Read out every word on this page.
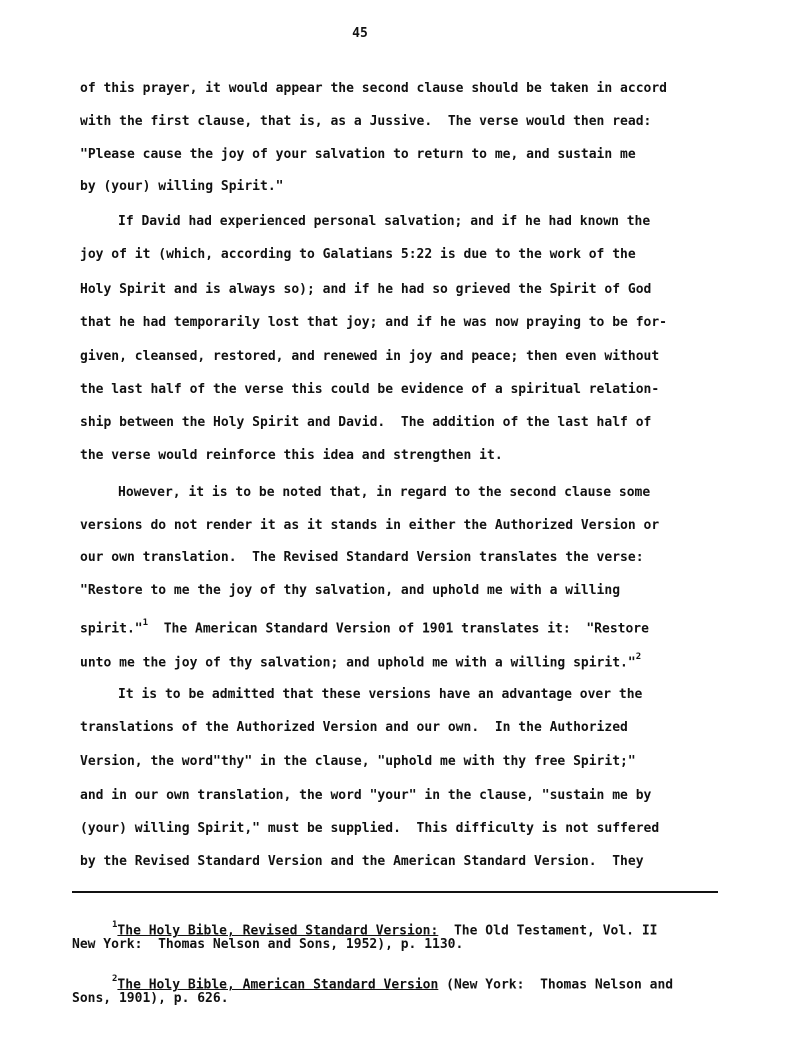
45

of this prayer, it would appear the second clause should be taken in accord

with the first clause, that is, as a Jussive.  The verse would then read:

"Please cause the joy of your salvation to return to me, and sustain me

by (your) willing Spirit."

If David had experienced personal salvation; and if he had known the

joy of it (which, according to Galatians 5:22 is due to the work of the

Holy Spirit and is always so); and if he had so grieved the Spirit of God

that he had temporarily lost that joy; and if he was now praying to be for-

given, cleansed, restored, and renewed in joy and peace; then even without

the last half of the verse this could be evidence of a spiritual relation-

ship between the Holy Spirit and David.  The addition of the last half of

the verse would reinforce this idea and strengthen it.

However, it is to be noted that, in regard to the second clause some

versions do not render it as it stands in either the Authorized Version or

our own translation.  The Revised Standard Version translates the verse:

"Restore to me the joy of thy salvation, and uphold me with a willing

spirit."$^1$ The American Standard Version of 1901 translates it:  "Restore

unto me the joy of thy salvation; and uphold me with a willing spirit."$^2$

It is to be admitted that these versions have an advantage over the

translations of the Authorized Version and our own.  In the Authorized

Version, the word"thy" in the clause, "uphold me with thy free Spirit;"

and in our own translation, the word "your" in the clause, "sustain me by

(your) willing Spirit," must be supplied.  This difficulty is not suffered

by the Revised Standard Version and the American Standard Version.  They

$^1$The Holy Bible, Revised Standard Version:  The Old Testament, Vol. II
New York:  Thomas Nelson and Sons, 1952), p. 1130.
$^2$The Holy Bible, American Standard Version (New York:  Thomas Nelson and
Sons, 1901), p. 626.
